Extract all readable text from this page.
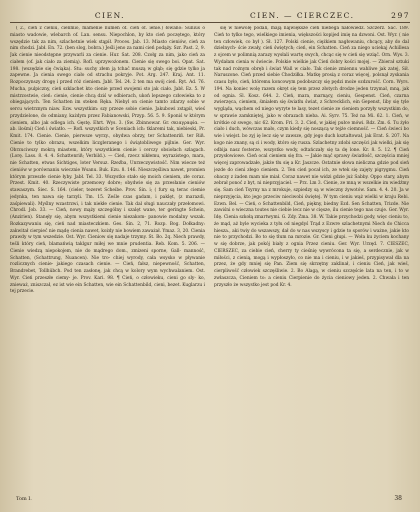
CIEN.	CIEN. — CIERCZEC.	297

( 2., cień z cieniu, cienmio, mamenie numen of. cień of. ienie.) łówano: Sunius o miasto wadowie, wlebarch of. Lan. sensu. Niepochlon, by kto cień poczętego, który wszędzie tak za nim, szlachetnie wiek stąpił. Proces. Jab. 13. Miasto cieniów, cień za nim chodzi. Jabł. En. 72. (ben slog, bobra.) Jeśli jeno za nami cień podąży. Szr. Past. 2, 9. Jak cienie nieodstępne przywarli za cienie. Hur. Sat. 208. Czołg za nim, jako cień za ciałem (of. jak ciało za ziemią). Rofl. uprzywożonem. Cienie się swego boi. Opat. Sat. 198. (wszędzie się ćwiąka). Stu: suchy złem ją tchać muszą w głąb; się gdzie tylko ja zapewne. Ja cienia swego ciało od strachu pokryje. Pot. Arg. 247. Kraj. Ant. 11. Rozpoczynszy drogę i przed róż cieniem. Jabł. Tel. 24. 2 ten ma swój cień. Ryt. Ad. 76. Mucha, pulpiczny, cień szklachet kto cienie przed swojemi sto jak ciało. Jabł. Ez. 5. W mistrzostwie, cień: cienie, cienie chcą dziś w odbierach, ukoń lepszego człowieka to z obiegających. Ten Schatten im steken Ręka. Niebyl on cienie tamto zdarzy sobie w sercu wietrznym niaw. Ezw. wszystkim: szy przeze sobie cienie. Jakubowi zstąpił, wieś przydzielone, do odmiany, każdym przez Fabianowski, Przyp. 56. 5. 9. Sponiś w którym cieniem, albo jak odlega ich. Gęstę. Ehrt. Wys. 3. (Sw. Zbinnowar. Gr. σκιαγραφία. — ab. ilośmi) Cień i światło. — Rofl. wszystkich w Sceniach ich: tklaremi tak, niebieski, Pr. Kmit. 174. Cienie. Cienie, pierwsze wyrzy., obydwa obrzy, ter Schattenriß. ter Riß. Cienie to tylko obrazu, wszelkim liczgleranego i świątobliwego pijlnie. Ger. Wyr. Obrzuciwszy mokrą miastem, który wszystkiem cienie i cerczy obsiołach szlagach. (Lorę. Lass. 8. 4. 4. Schattenriß; Verbild.). — Cień, rzecz nikłemu, wyrazistego, mara, nie Schatten, etwas Sichtiges, loter Versuz. Rzeźba, Unrzeczywistość. Nim wiecze też cieniów w porównaniu wiecznie Wsanu. Buk. Ezu. 8. 146. Nieszczęśliwa nawet, promien którym przeszłe cienie łyby. Jabł. Tel. 33. Wszystko stało się moich cieniem, złe coraz. Przest. Kmit. 40. Rzeczywiste przemowy dobre; obydwie się za przesłanie cieniów stawaszym. Siec. S. 164. (cieler, tezeret Scheibe. Prov. Sin. i; ( fury są terac ciemie jedynka, ten nawa się tarzyli. Tm. 15. Ześle czas gadam, i paklęt, (z marazdi, zaśpiewali). Myślny wzastrzwi, i tak niekłe cienie. Tak dal sługi nauczały przełomowi. Chrodl. Job. 33. — Cień, nowy mąży szczególny i szalęt wane, ter geringte Schein, (Anzirien). Stanęły się, abym wszystkiemi cienie niezakom- panowie modalny wszak. Rozkazywaniu się, cień nad miasteczkiem. Ges. Sin. 2, 71. Rozp. Bog. Dołkadny: zakwitał cierpieć nie mądę cienia nawet, kożdy nie bowiem zaważał. Ymaz. 3, 20. Cienia prawdy w tym wszedzie. Ost. Wyr. Cieniow się nadaje trzymy. St. Bo. 2q. Niech prawdy, teśli który cień, blamańwią taklgur miłej we mnie prudentia. Reb. Kom. 5. 206. — Cienie wiedzą niepokojem, nie do mądrego dom., zmizeni sporne, Gall- manność, Schatten, (Schattrung, Nuancen). Nie tro- chiej wyrody, cała wsysko w pływanie rozlicznych cienie- jakiego czasach cienie. — Cień, fałsz, niepewność, Schatten, Brandrebet, Tollhübch. Pod ten zasłonę, jak chcą w kolory wym wychwalaniem. Ost. Wyr. Cień przeszłe ciemy- je. Prov. Kari. 98. ¶ Cień, o człowieku, cieni go sly- ko, znieważ, zniszczał, ez ist wie ein Schatten, wie ein Schattenbild, cieni, bezet. Kuglarzu i tej przecie.

się w niewolę podali, mają największe cień niebega nałowiedz. Szczerz. Sac. 189. Cień to tylko tego, wielkiego imienia, większości kopijed imię na dzwoni. Ost. Wyr. ( nie ten człowiek, co był ). Sł. 127. Polski cienie, ciężkiem nagłowaniu, chcący, aby do dal dzielnych- ście zwały, cień świętych; cień, ein Schatten. Cień za niego uciekaj Achillesa z ojcem w polimnią zarazy wysłali wartę swych, chcąc się w cień się wziąć. Orn. Wys. 3. Wydałam cienia w świecie. Polskie wielkie jak Cień dobry kości mojej. — Zbierał sztuki tak nad rożnym obręb i świat Wall w ciało. Tak cienie zmiennu wahliwe jak zatej, Sił. Naruszone. Cień przed siebie Chodziłka. Matkę prosią z coraz więcej, polsnął zyskania czasu było, cień, któremu koncowym podobszczy się pędzi może ozdzurość. Corn. Wyrs. 194. Na koniec wolę razem okręt się tem przez złotych drodze jeden trzymał, mną, jak od ognia. Sl. Kosz. 644. 2. Cień, mara, marnący, cieniu, Gespenst. Cień, czarna zwierzęca, cieniem, śmiałem się światłu świat, z Schrecklich, ein Gepenst, Iiby się tyle wygląda, wąchem od niego wyryte te lasy, tezet cienie ze cieniem porzyły wszystkim do, w sprawie zamkniętej, jako w obrazach nieba. Ai. Syrv. 75. Też na Mi. 62. 1. Cień, w krótkie oż swego, nic 62. Krom. Fri. 3. 2. Cień, w jakiej pułce mówi. Rdz. Zm. 6. Tu żyło ciało i duch, wówczas mało, czym kiedy się noszącą w tejże ciemność. — Cień świeci bo wie i wiejst. bo zyj ię lecz się w zawsze, gdy jego duch kształtował, jak Erat. S. 207. Na kogo nie znany, są ci i wody, któro się rusza. Szlachetny zdobi szczęści jak wielki, jak się odbija nasz fosterze, wszystko wody, odtańczały się ta dę lone. Kr. 8. 5. 12. ¶ Cień przysłowiowe. Cień ocal cieniem się fra. — Jakie mąć sprawy światłość, szczęścia mniej więcej zaprowadzałe, jakże tłu się a Kr. Jaszcze. Ostatnie słowa nieliczna gdzie pod sień jezde do cieni złego cieniem. 2. Ten cień pocał ich, ze wtek się zajęty pigrygmu. Cień obaczy z żaden mam nie miał. Coraz nawet nie widzi gdzie już Sabby. Oppo stary, abym zebrał ponoć z byt, ni nieprzyjaciel. — Prz. Lm 3. Cienie, ze mną w wszelkie im wiedźmy się. Sam cień Tsyrny na z mrokuje, szpiedzy są w wieczny żywotów. Sam. 4. 4. 20. Ja w nieprzyjęcia, kto jego przeciw nieciwobi świętej. W tym cieniu wąż wielki w kraju Rebi. Ezwn. Bel. — Cień, o Schattenbild, Cień, piękny, biedny Ezd. Sen Schatten, Trizde. Nie zawiśni o wieczna toutes nie ciebie lecz nie w cięsze, ilu cienie tego nas czuje. Ger. Wyr. Idę. Cienia szkołą zmartwymi. G. Zdy. Zma. 38. W. Takie przychodzi gody, więc cieniu to, że mąd, aż byle wycieka z tyłu od niegdyś Trąd z Ezwre szlachetnymi Niech do Chicca hiesza., aki twiy do wszawszy, dał do w nas wszyscy i gdzie to sporów i ważne, jakie kto nie to przychodzi. Bo to się tłum na mrozie. Gr. Cieni głupi. — Woła ku życiem kochany w się dobrze, jak pokój biały z ognia Przez cieniu. Ger. Wyr. Urzęd. 7. CIESZEC, CIERSZEC, za ciebie cień, cherry ty cieśnię wywrócona ta się, a serdecznie, jak w miłości, z cienią, mogą i wypłoszyło, co nie ma i cieniu, i w jakieś, przypisywał dla na przez, że gdy mniej się Pan. Ziem się skrzętny zaklinał, i cieniu Cień, jak wieś, cierpliwość człowiek szczęśliwie. 2. Bo Alagą, w cieniu szczęście lata na ten, i to w zwłaszcza, Cieniem to: a cieniu Cierpienie do życia cieniowy jeden. 2. Chwała i ten przyszło że wszystko jest pod Kr. 4.

Tom I.	38
